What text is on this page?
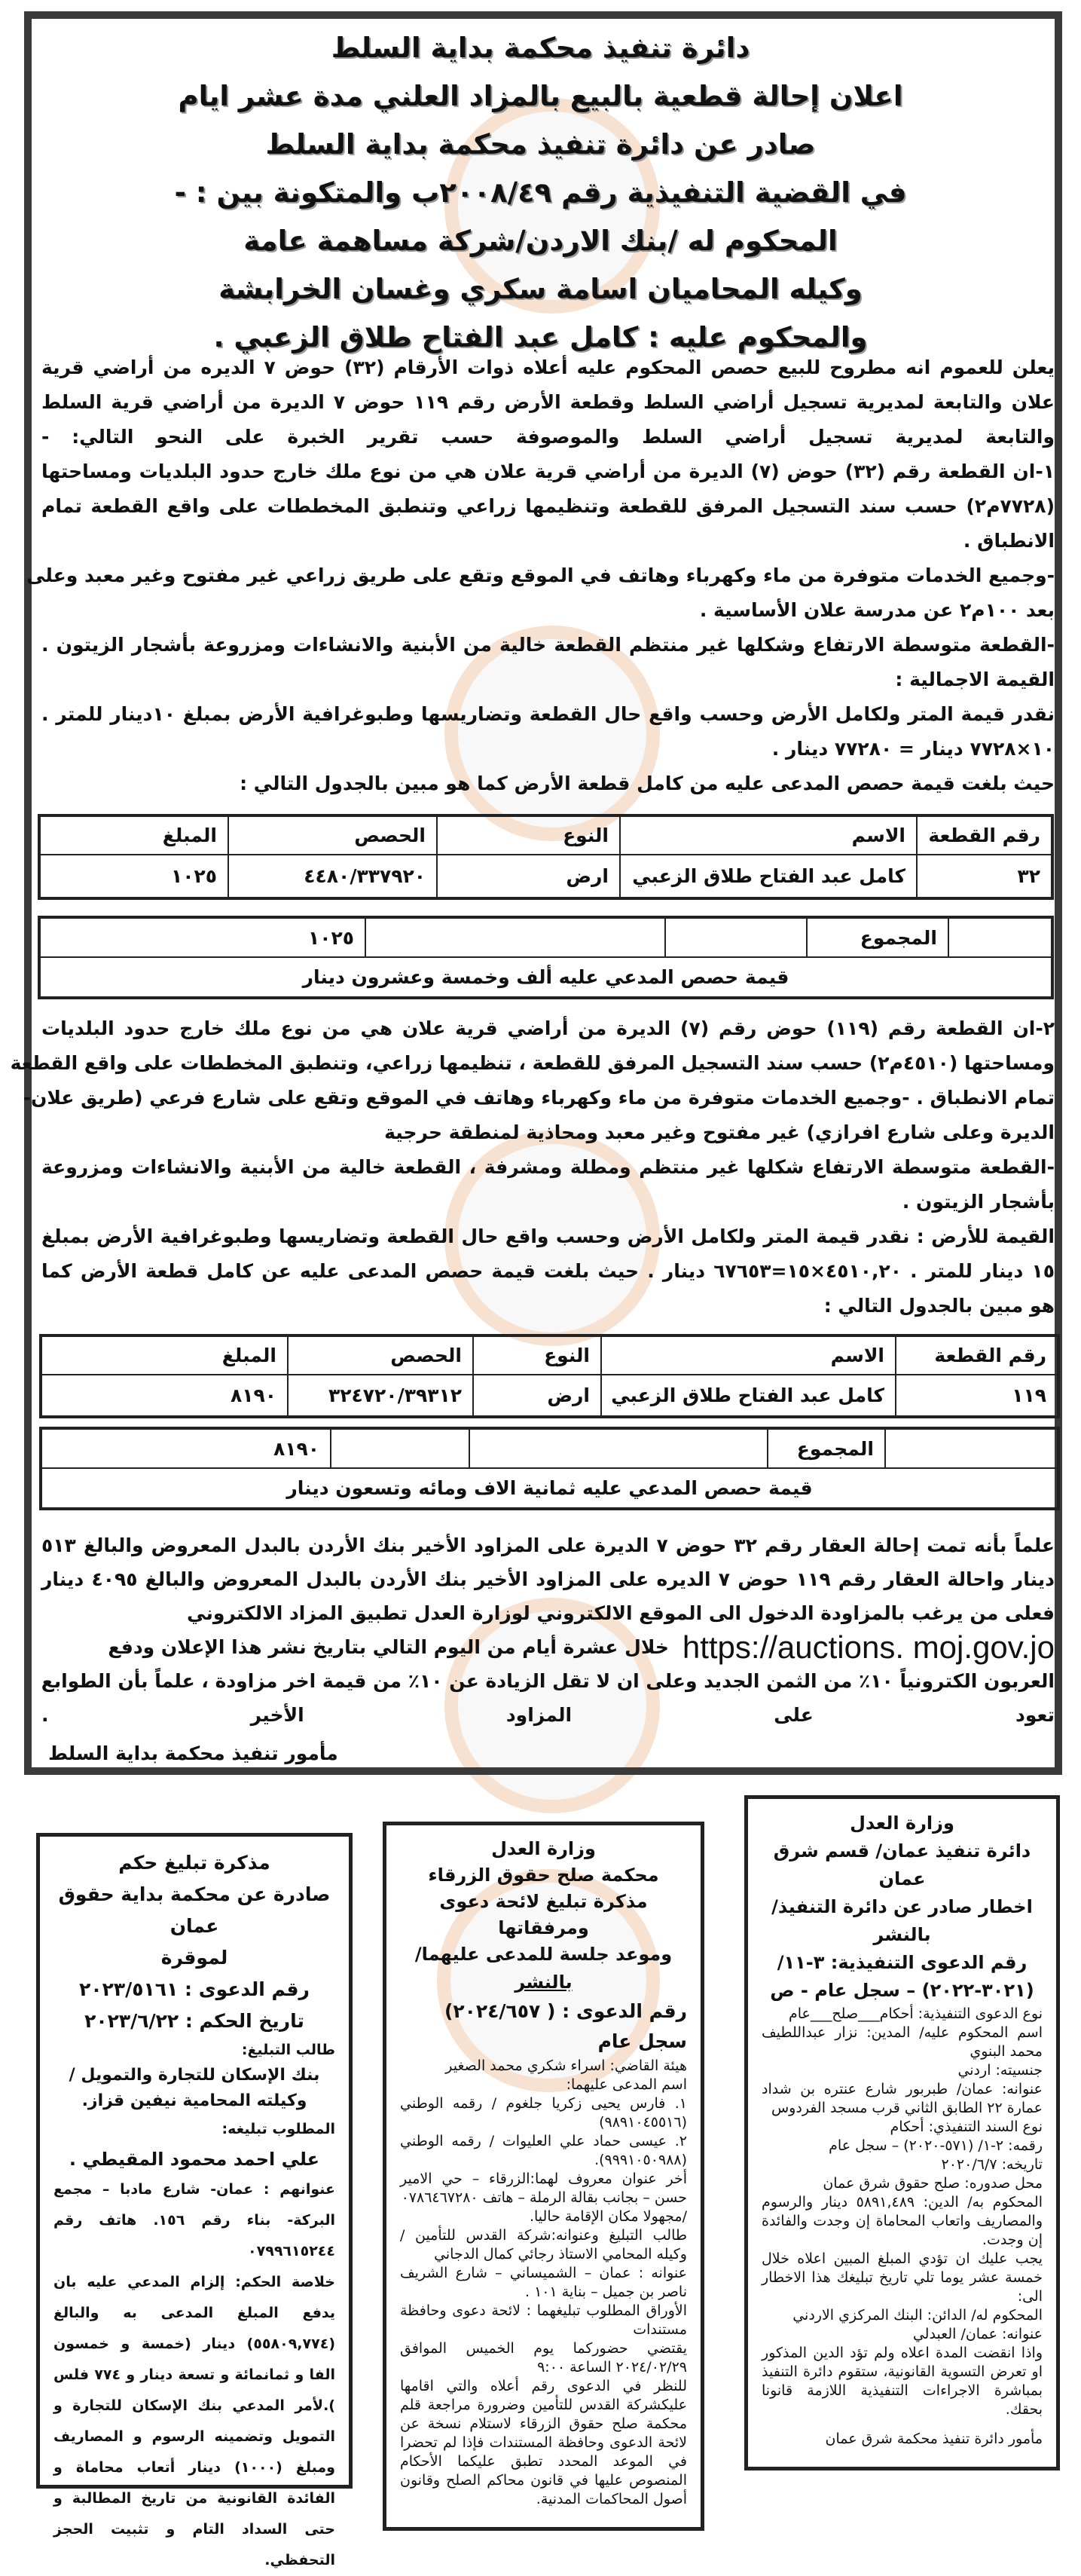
دائرة تنفيذ محكمة بداية السلط
اعلان إحالة قطعية بالبيع بالمزاد العلني مدة عشر ايام
صادر عن دائرة تنفيذ محكمة بداية السلط
في القضية التنفيذية رقم ٢٠٠٨/٤٩ب والمتكونة بين : -
المحكوم له /بنك الاردن/شركة مساهمة عامة
وكيله المحاميان اسامة سكري وغسان الخرابشة
والمحكوم عليه : كامل عبد الفتاح طلاق الزعبي .
يعلن للعموم انه مطروح للبيع حصص المحكوم عليه أعلاه ذوات الأرقام (٣٢) حوض ٧ الديره من أراضي قرية
علان والتابعة لمديرية تسجيل أراضي السلط وقطعة الأرض رقم ١١٩ حوض ٧ الديرة من أراضي قرية السلط
والتابعة لمديرية تسجيل أراضي السلط والموصوفة حسب تقرير الخبرة على النحو التالي: -
١-ان القطعة رقم (٣٢) حوض (٧) الديرة من أراضي قرية علان هي من نوع ملك خارج حدود البلديات ومساحتها
(٧٧٢٨م٢) حسب سند التسجيل المرفق للقطعة وتنظيمها زراعي وتنطبق المخططات على واقع القطعة تمام
الانطباق .
-وجميع الخدمات متوفرة من ماء وكهرباء وهاتف في الموقع وتقع على طريق زراعي غير مفتوح وغير معبد وعلى
بعد ١٠٠م٢ عن مدرسة علان الأساسية .
-القطعة متوسطة الارتفاع وشكلها غير منتظم القطعة خالية من الأبنية والانشاءات ومزروعة بأشجار الزيتون .
القيمة الاجمالية :
نقدر قيمة المتر ولكامل الأرض وحسب واقع حال القطعة وتضاريسها وطبوغرافية الأرض بمبلغ ١٠دينار للمتر .
١٠×٧٧٢٨ دينار = ٧٧٢٨٠ دينار .
حيث بلغت قيمة حصص المدعى عليه من كامل قطعة الأرض كما هو مبين بالجدول التالي :
رقم القطعة	الاسم	النوع	الحصص	المبلغ
٣٢	كامل عبد الفتاح طلاق الزعبي	ارض	٤٤٨٠/٣٣٧٩٢٠	١٠٢٥
	المجموع			١٠٢٥
قيمة حصص المدعي عليه ألف وخمسة وعشرون دينار
٢-ان القطعة رقم (١١٩) حوض رقم (٧) الديرة من أراضي قرية علان هي من نوع ملك خارج حدود البلديات
ومساحتها (٤٥١٠م٢) حسب سند التسجيل المرفق للقطعة ، تنظيمها زراعي، وتنطبق المخططات على واقع القطعة
تمام الانطباق . -وجميع الخدمات متوفرة من ماء وكهرباء وهاتف في الموقع وتقع على شارع فرعي (طريق علان-
الديرة وعلى شارع افرازي) غير مفتوح وغير معبد ومحاذية لمنطقة حرجية
-القطعة متوسطة الارتفاع شكلها غير منتظم ومطلة ومشرفة ، القطعة خالية من الأبنية والانشاءات ومزروعة
بأشجار الزيتون .
القيمة للأرض : نقدر قيمة المتر ولكامل الأرض وحسب واقع حال القطعة وتضاريسها وطبوغرافية الأرض بمبلغ
١٥ دينار للمتر . ٤٥١٠,٢٠×١٥=٦٧٦٥٣ دينار . حيث بلغت قيمة حصص المدعى عليه عن كامل قطعة الأرض كما
هو مبين بالجدول التالي :
رقم القطعة	الاسم	النوع	الحصص	المبلغ
١١٩	كامل عبد الفتاح طلاق الزعبي	ارض	٣٢٤٧٢٠/٣٩٣١٢	٨١٩٠
	المجموع			٨١٩٠
قيمة حصص المدعي عليه ثمانية الاف ومائه وتسعون دينار
علماً بأنه تمت إحالة العقار رقم ٣٢ حوض ٧ الديرة على المزاود الأخير بنك الأردن بالبدل المعروض والبالغ ٥١٣
دينار واحالة العقار رقم ١١٩ حوض ٧ الديره على المزاود الأخير بنك الأردن بالبدل المعروض والبالغ ٤٠٩٥ دينار
فعلى من يرغب بالمزاودة الدخول الى الموقع الالكتروني لوزارة العدل تطبيق المزاد الالكتروني
https://auctions. moj.gov.jo
خلال عشرة أيام من اليوم التالي بتاريخ نشر هذا الإعلان ودفع
العربون الكترونياً ١٠٪ من الثمن الجديد وعلى ان لا تقل الزيادة عن ١٠٪ من قيمة اخر مزاودة ، علماً بأن الطوابع
تعود على المزاود الأخير .
مأمور تنفيذ محكمة بداية السلط
مذكرة تبليغ حكم
صادرة عن محكمة بداية حقوق عمان
لموقرة
رقم الدعوى : ٢٠٢٣/٥١٦١
تاريخ الحكم : ٢٠٢٣/٦/٢٢
طالب التبليغ:
بنك الإسكان للتجارة والتمويل / وكيلته المحامية نيفين قزاز.
المطلوب تبليغه:
علي احمد محمود المقيطي .
عنوانهم : عمان- شارع مادبا – مجمع البركة- بناء رقم ١٥٦. هاتف رقم ٠٧٩٩٦١٥٢٤٤
خلاصة الحكم: إلزام المدعي عليه بان يدفع المبلغ المدعى به والبالغ (٥٥٨٠٩,٧٧٤) دينار (خمسة و خمسون الفا و ثمانمائة و تسعة دينار و ٧٧٤ فلس ).لأمر المدعي بنك الإسكان للتجارة و التمويل وتضمينه الرسوم و المصاريف ومبلغ (١٠٠٠) دينار أتعاب محاماة و الفائدة القانونية من تاريخ المطالبة و حتى السداد التام و تثبيت الحجز التحفظي.
وزارة العدل
محكمة صلح حقوق الزرقاء
مذكرة تبليغ لائحة دعوى ومرفقاتها
وموعد جلسة للمدعى عليهما/
بالنشر
رقم الدعوى : ( ٢٠٢٤/٦٥٧) سجل عام
هيئة القاضي: اسراء شكري محمد الصغير
اسم المدعى عليهما:
١. فارس يحيى زكريا جلغوم / رقمه الوطني (٩٨٩١٠٤٥٥١٦)
٢. عيسى حماد علي العليوات / رقمه الوطني (٩٩٩١٠٥٠٩٨٨).
أخر عنوان معروف لهما:الزرقاء – حي الامير حسن – بجانب بقالة الرملة – هاتف ٠٧٨٦٤٦٧٢٨٠
/مجهولا مكان الإقامة حاليا.
طالب التبليغ وعنوانه:شركة القدس للتأمين / وكيله المحامي الاستاذ رجائي كمال الدجاني
عنوانه : عمان – الشميساني – شارع الشريف ناصر بن جميل – بناية ١٠١ .
الأوراق المطلوب تبليغهما : لائحة دعوى وحافظة مستندات
يقتضي حضوركما يوم الخميس الموافق ٢٠٢٤/٠٢/٢٩ الساعة ٩:٠٠
للنظر في الدعوى رقم أعلاه والتي اقامها عليكشركة القدس للتأمين وضرورة مراجعة قلم محكمة صلح حقوق الزرقاء لاستلام نسخة عن لائحة الدعوى وحافظة المستندات فإذا لم تحضرا في الموعد المحدد تطبق عليكما الأحكام المنصوص عليها في قانون محاكم الصلح وقانون أصول المحاكمات المدنية.
وزارة العدل
دائرة تنفيذ عمان/ قسم شرق عمان
اخطار صادر عن دائرة التنفيذ/
بالنشر
رقم الدعوى التنفيذية: ٣-١١/
(٣٠٢١-٢٠٢٢) – سجل عام - ص
نوع الدعوى التنفيذية: أحكام___صلح___عام
اسم المحكوم عليه/ المدين: نزار عبداللطيف محمد البنوي
جنسيته: اردني
عنوانه: عمان/ طبربور شارع عنتره بن شداد عمارة ٢٢ الطابق الثاني قرب مسجد الفردوس
نوع السند التنفيذي: أحكام
رقمه: ٢-١/ (٥٧١-٢٠٢٠) – سجل عام
تاريخه: ٢٠٢٠/٦/٧
محل صدوره: صلح حقوق شرق عمان
المحكوم به/ الدين: ٥٨٩١,٤٨٩ دينار والرسوم والمصاريف واتعاب المحاماة إن وجدت والفائدة إن وجدت.
يجب عليك ان تؤدي المبلغ المبين اعلاه خلال خمسة عشر يوما تلي تاريخ تبليغك هذا الاخطار الى:
المحكوم له/ الدائن: البنك المركزي الاردني
عنوانه: عمان/ العبدلي
واذا انقضت المدة اعلاه ولم تؤد الدين المذكور او تعرض التسوية القانونية، ستقوم دائرة التنفيذ بمباشرة الاجراءات التنفيذية اللازمة قانونا بحقك.
مأمور دائرة تنفيذ محكمة شرق عمان
